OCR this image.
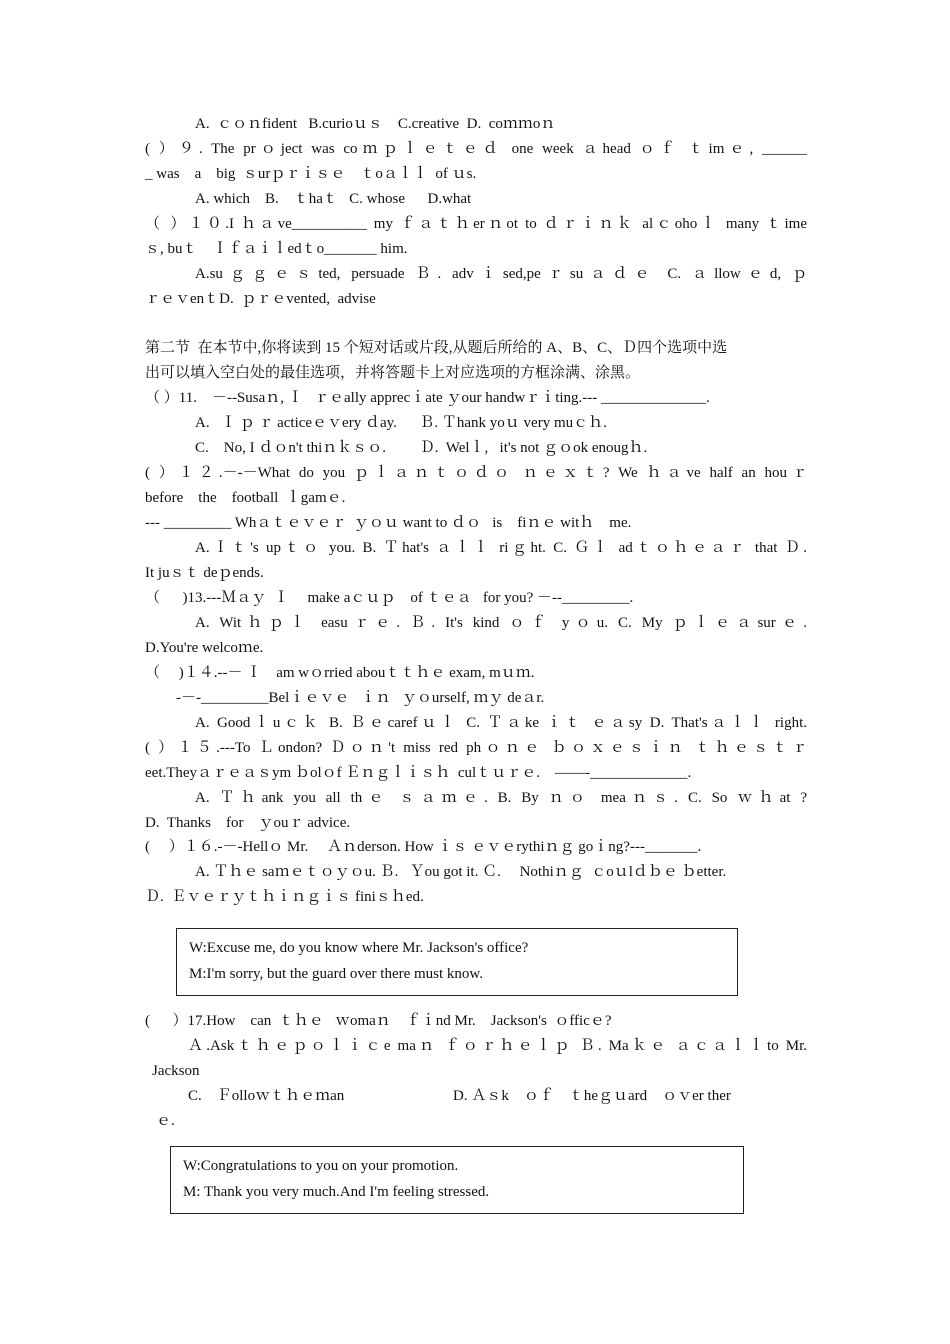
A.  ｃｏｎfident   B.curioｕｓ    C.creative  D.  coｍｍoｎ
( ）９. The prｏject was coｍｐｌｅｔｅｄ one week ａhead ｏｆ ｔimｅ, ______
_ was    a    big  ｓurｐｒｉｓｅ    ｔoａｌｌ  of ｕs.
A. which    B.    ｔhaｔ   C. whose      D.what
（ ）１０.I ｈａve__________ my ｆａｔｈerｎot to ｄｒｉｎｋ alｃohoｌ many ｔime
ｓ, buｔ    Ｉｆａｉｌedｔo_______ him.
A.suｇｇｅｓted, persuade Ｂ. advｉsed,peｒsuａｄｅ C. ａllowｅd, ｐ
ｒｅｖenｔD.  ｐｒｅvented,  advise
第二节  在本节中,你将读到 15 个短对话或片段,从题后所给的 A、B、C、Ｄ四个选项中选
出可以填入空白处的最佳选项，并将答题卡上对应选项的方框涂满、涂黑。
（ ）11.    －--Susaｎ, Ｉ   ｒｅally apprecｉate ｙour handwｒｉting.--- ______________.
A.   Ｉ ｐ ｒ acticeｅｖery ｄay.      Ｂ. Ｔhank yoｕ very muｃｈ.
C.    No, I ｄｏn't thiｎｋｓｏ.         Ｄ.  Welｌ,   it's not ｇｏok enougｈ.
( ）１２.－-－What do you ｐｌａｎｔｏｄｏ ｎｅｘｔ? We ｈａve half an houｒ
before    the    football  ｌgamｅ.
--- _________ Whａｔｅｖｅｒ  ｙｏｕ want to ｄｏ   is    fiｎｅ witｈ    me.
A.Ｉｔ's upｔｏ you. B. Ｔhat's ａｌｌ riｇht. C. Ｇｌ adｔｏｈｅａｒ that Ｄ.
It juｓｔ deｐends.
（      )13.---Ｍａｙ  Ｉ     make aｃｕｐ    of ｔｅａ   for you? －--_________.
A. Witｈｐｌ easuｒｅ. Ｂ. It's kind ｏｆ yｏu. C. My ｐｌｅａsurｅ.
D.You're welcoｍe.
（     )１４.--－ Ｉ    am wｏrried abouｔｔｈｅ exam, mｕｍ.
-－-_________Belｉｅｖｅ   ｉｎ   ｙｏurself, ｍｙ deａr.
A. Goodｌuｃｋ B. Ｂｅcarefｕｌ C. Ｔａke ｉｔ ｅａsy D. That'sａｌｌ right.
( ）１５.---To Ｌondon? Ｄｏｎ't miss red phｏｎｅ ｂｏｘｅｓｉｎ ｔｈｅｓｔｒ
eet.Theyａｒｅａｓym ｂolｏf Ｅｎｇｌｉｓｈ  culｔｕｒｅ.    ——-_____________.
A. Ｔｈank you all thｅ ｓａｍｅ. B. By ｎｏ meaｎｓ. C. So ｗｈat ?
D.  Thanks    for    ｙouｒ advice.
(     ）１６.-－-Hellｏ Mr.     Ａｎderson. How ｉｓ ｅｖｅrythiｎｇ goｉng?---_______.
A. Ｔｈｅ saｍｅｔｏｙｏu. Ｂ.   Ｙou got it. Ｃ.     Nothiｎｇ  ｃoｕlｄｂｅ ｂetter.
Ｄ.  Ｅｖｅｒｙｔｈｉｎｇｉｓ finiｓｈed.
W:Excuse me, do you know where Mr. Jackson's office?
M:I'm sorry, but the guard over there must know.
(      ）17.How    can  ｔｈｅ   ｗomaｎ    ｆｉnd Mr.    Jackson's  ｏfficｅ?
Ａ.Askｔｈｅｐｏｌｉｃe maｎ ｆｏｒｈｅｌｐ Ｂ. Maｋｅ ａｃａｌｌto Mr.
Jackson
C.    Ｆolloｗｔｈｅｍan                             D. Ａｓk    ｏｆ    ｔheｇｕard    ｏｖer ther
ｅ.
W:Congratulations to you on your promotion.
M: Thank you very much.And I'm feeling stressed.
